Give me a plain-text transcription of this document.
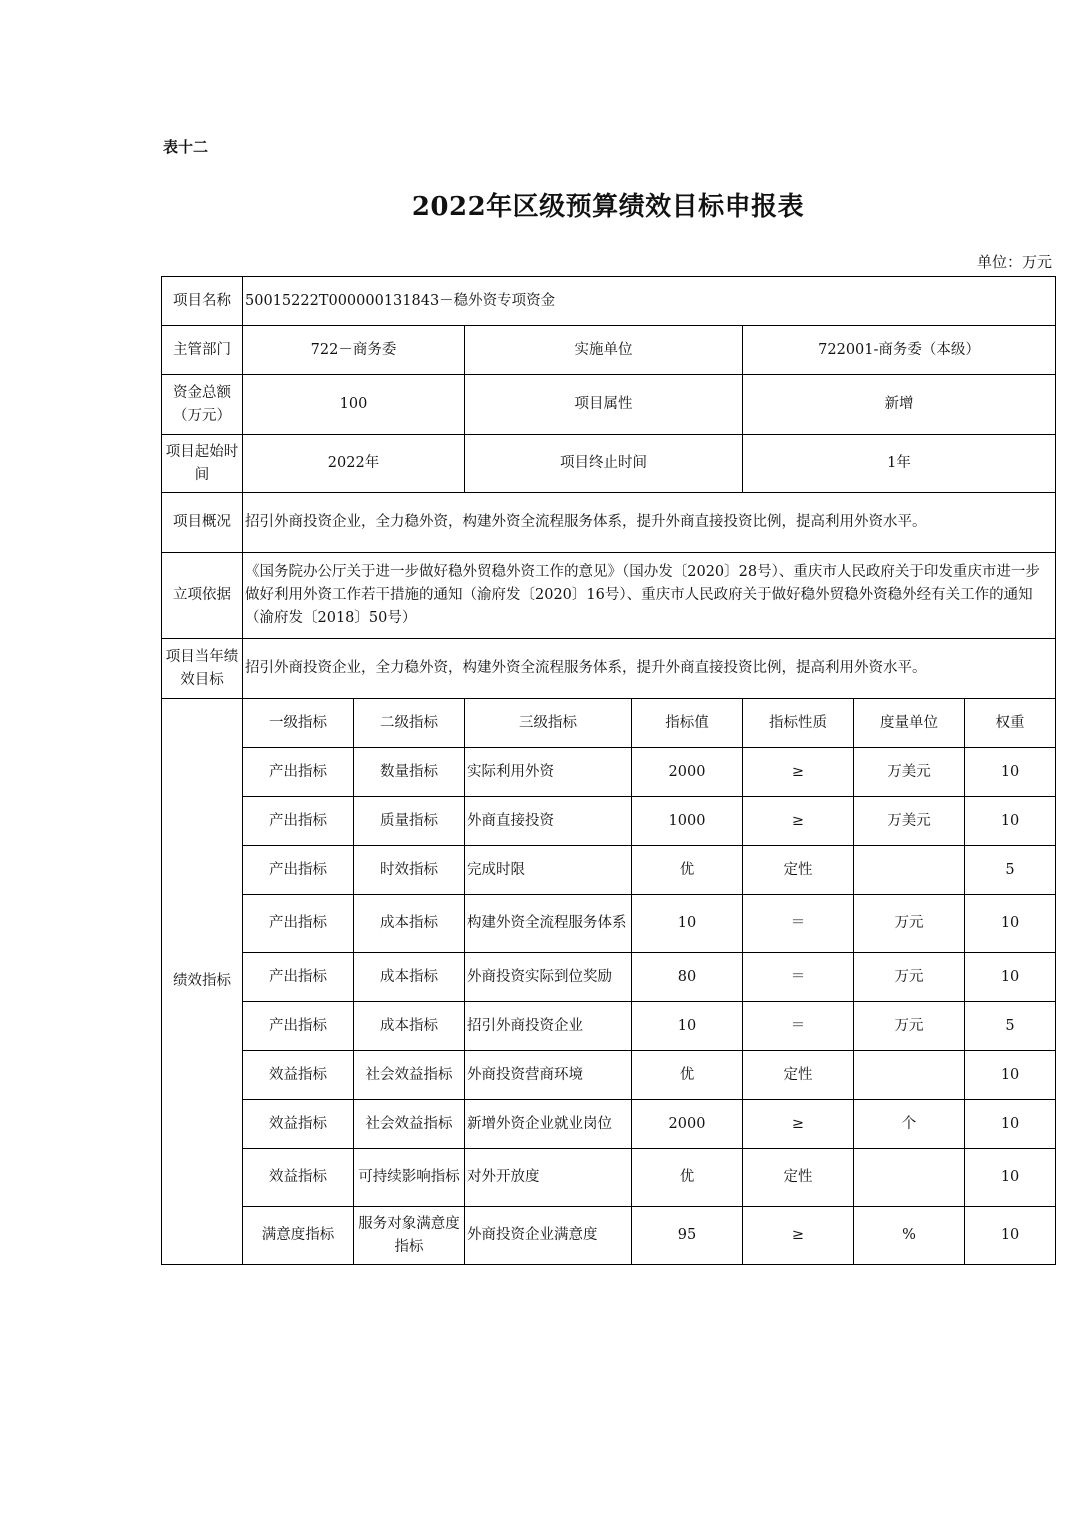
表十二
2022年区级预算绩效目标申报表
单位：万元
项目名称	50015222T000000131843－稳外资专项资金						
主管部门	722－商务委		实施单位		722001-商务委（本级）		
资金总额（万元）	100		项目属性		新增		
项目起始时间	2022年		项目终止时间		1年		
项目概况	招引外商投资企业，全力稳外资，构建外资全流程服务体系，提升外商直接投资比例，提高利用外资水平。						
立项依据	《国务院办公厅关于进一步做好稳外贸稳外资工作的意见》（国办发〔2020〕28号）、重庆市人民政府关于印发重庆市进一步做好利用外资工作若干措施的通知（渝府发〔2020〕16号）、重庆市人民政府关于做好稳外贸稳外资稳外经有关工作的通知（渝府发〔2018〕50号）						
项目当年绩效目标	招引外商投资企业，全力稳外资，构建外资全流程服务体系，提升外商直接投资比例，提高利用外资水平。						
绩效指标	一级指标	二级指标	三级指标	指标值	指标性质	度量单位	权重
	产出指标	数量指标	实际利用外资	2000	≥	万美元	10
	产出指标	质量指标	外商直接投资	1000	≥	万美元	10
	产出指标	时效指标	完成时限	优	定性		5
	产出指标	成本指标	构建外资全流程服务体系	10	＝	万元	10
	产出指标	成本指标	外商投资实际到位奖励	80	＝	万元	10
	产出指标	成本指标	招引外商投资企业	10	＝	万元	5
	效益指标	社会效益指标	外商投资营商环境	优	定性		10
	效益指标	社会效益指标	新增外资企业就业岗位	2000	≥	个	10
	效益指标	可持续影响指标	对外开放度	优	定性		10
	满意度指标	服务对象满意度指标	外商投资企业满意度	95	≥	%	10
